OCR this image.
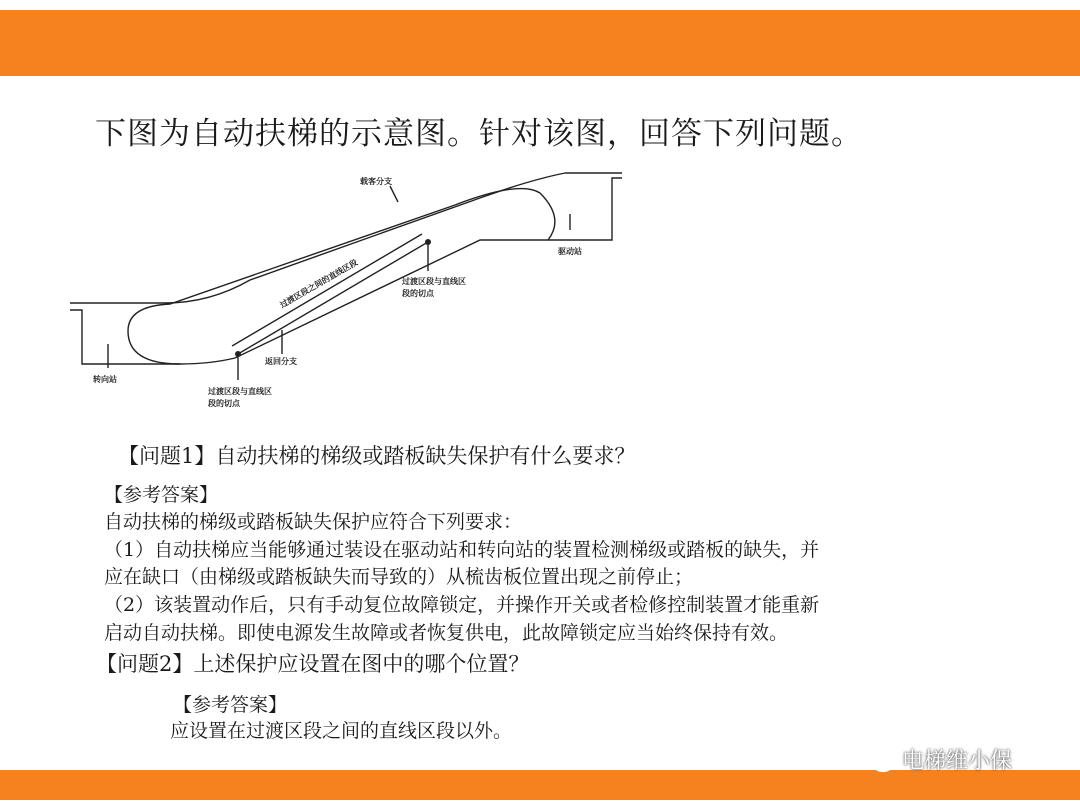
下图为自动扶梯的示意图。针对该图，回答下列问题。
载客分支
驱动站
过渡区段之间的直线区段	过渡区段与直线区
段的切点
返回分支
转向站
过渡区段与直线区
段的切点
【问题1】自动扶梯的梯级或踏板缺失保护有什么要求？
【参考答案】
自动扶梯的梯级或踏板缺失保护应符合下列要求：
（1）自动扶梯应当能够通过装设在驱动站和转向站的装置检测梯级或踏板的缺失，并
应在缺口（由梯级或踏板缺失而导致的）从梳齿板位置出现之前停止；
（2）该装置动作后，只有手动复位故障锁定，并操作开关或者检修控制装置才能重新
启动自动扶梯。即使电源发生故障或者恢复供电，此故障锁定应当始终保持有效。
【问题2】上述保护应设置在图中的哪个位置？
【参考答案】
应设置在过渡区段之间的直线区段以外。
电梯维小保
